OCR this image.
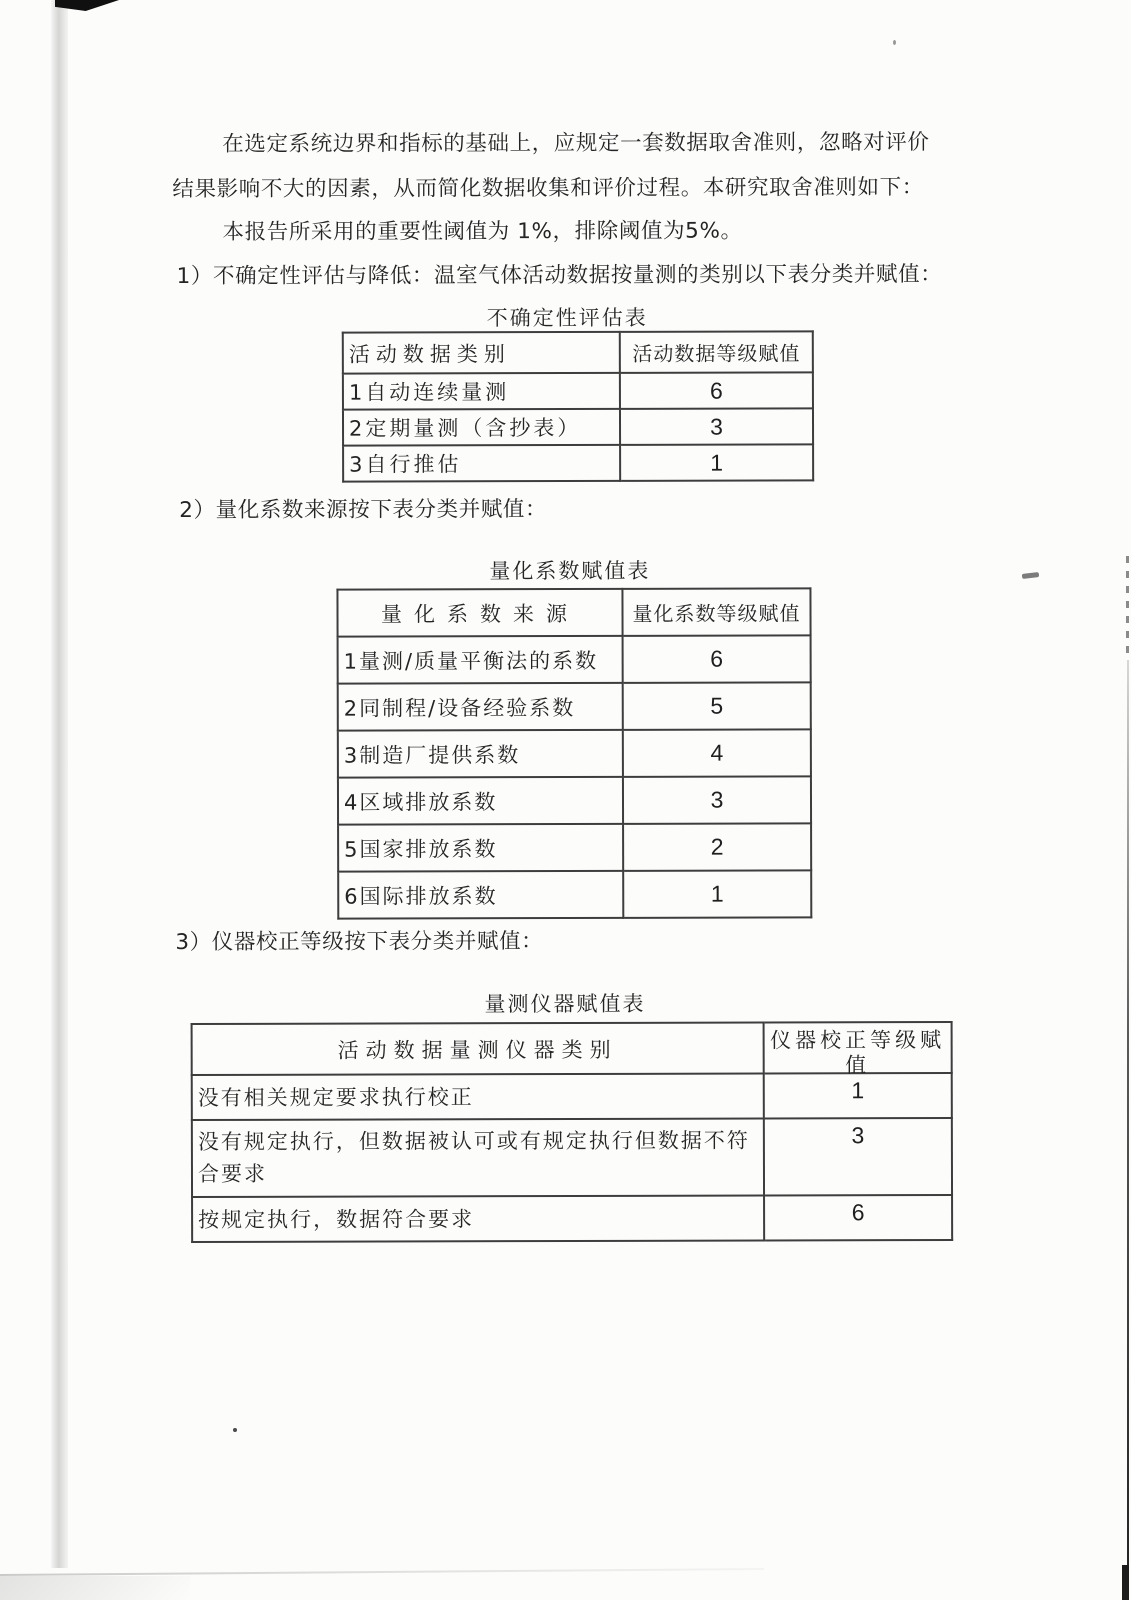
在选定系统边界和指标的基础上，应规定一套数据取舍准则，忽略对评价
结果影响不大的因素，从而简化数据收集和评价过程。本研究取舍准则如下：
本报告所采用的重要性阈值为 1%，排除阈值为5%。
1）不确定性评估与降低：温室气体活动数据按量测的类别以下表分类并赋值：
不确定性评估表
活动数据类别	活动数据等级赋值
1自动连续量测	6
2定期量测（含抄表）	3
3自行推估	1
2）量化系数来源按下表分类并赋值：
量化系数赋值表
量化系数来源	量化系数等级赋值
1量测/质量平衡法的系数	6
2同制程/设备经验系数	5
3制造厂提供系数	4
4区域排放系数	3
5国家排放系数	2
6国际排放系数	1
3）仪器校正等级按下表分类并赋值：
量测仪器赋值表
活动数据量测仪器类别	仪器校正等级赋值

没有相关规定要求执行校正	1
没有规定执行，但数据被认可或有规定执行但数据不符合要求	3
按规定执行，数据符合要求	6
